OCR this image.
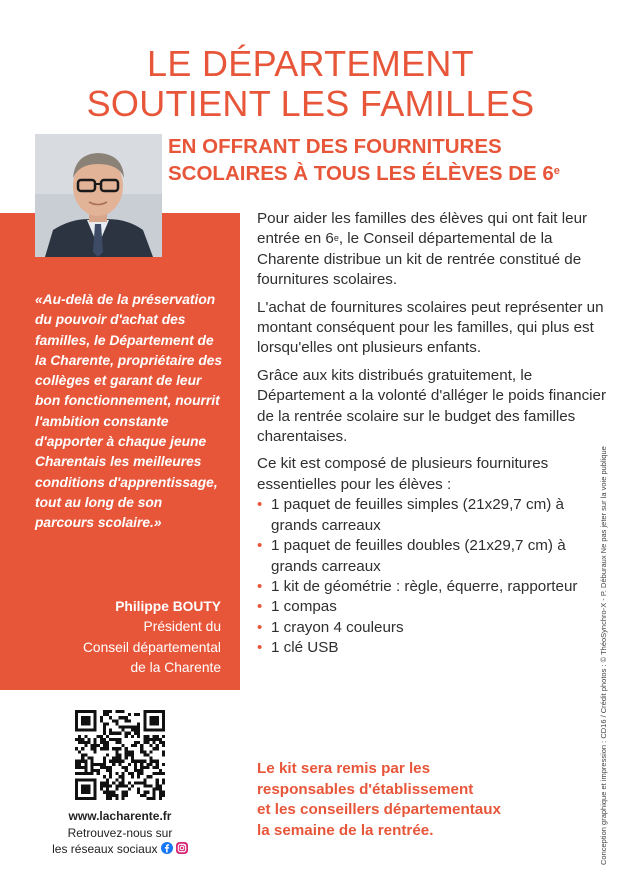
LE DÉPARTEMENT
SOUTIENT LES FAMILLES
EN OFFRANT DES FOURNITURES
SCOLAIRES À TOUS LES ÉLÈVES DE 6e
«Au-delà de la préservation du pouvoir d'achat des familles, le Département de la Charente, propriétaire des collèges et garant de leur bon fonctionnement, nourrit l'ambition constante d'apporter à chaque jeune Charentais les meilleures conditions d'apprentissage, tout au long de son parcours scolaire.»
Philippe BOUTY
Président du
Conseil départemental
de la Charente

Pour aider les familles des élèves qui ont fait leur entrée en 6e, le Conseil départemental de la Charente distribue un kit de rentrée constitué de fournitures scolaires.

L'achat de fournitures scolaires peut représenter un montant conséquent pour les familles, qui plus est lorsqu'elles ont plusieurs enfants.

Grâce aux kits distribués gratuitement, le Département a la volonté d'alléger le poids financier de la rentrée scolaire sur le budget des familles charentaises.

Ce kit est composé de plusieurs fournitures essentielles pour les élèves :

• 1 paquet de feuilles simples (21x29,7 cm) à grands carreaux
• 1 paquet de feuilles doubles (21x29,7 cm) à grands carreaux
• 1 kit de géométrie : règle, équerre, rapporteur
• 1 compas
• 1 crayon 4 couleurs
• 1 clé USB
Le kit sera remis par les
responsables d'établissement
et les conseillers départementaux
la semaine de la rentrée.
www.lacharente.fr
Retrouvez-nous sur
les réseaux sociaux	Conception graphique et impression : CD16 / Crédit photos : © ThéoSynchro-X - P. Déburaux Ne pas jeter sur la voie publique
